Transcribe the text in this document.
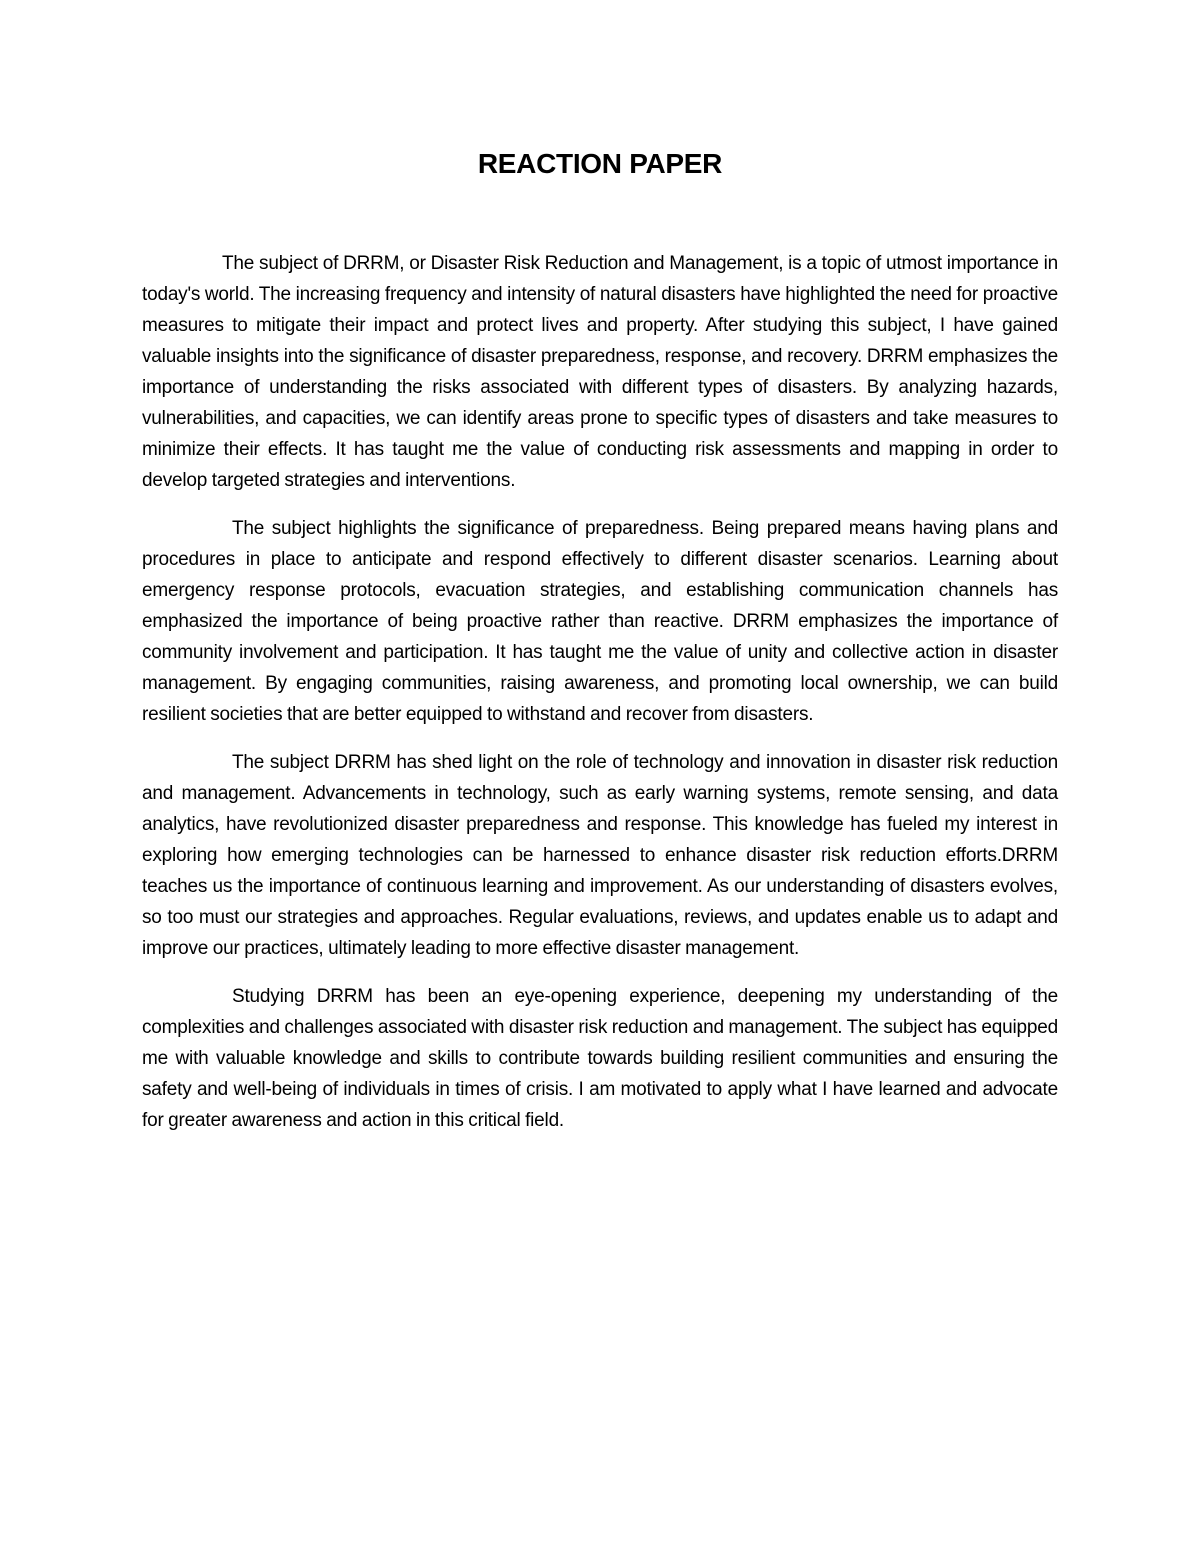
REACTION PAPER

The subject of DRRM, or Disaster Risk Reduction and Management, is a topic of utmost importance in today's world. The increasing frequency and intensity of natural disasters have highlighted the need for proactive measures to mitigate their impact and protect lives and property. After studying this subject, I have gained valuable insights into the significance of disaster preparedness, response, and recovery. DRRM emphasizes the importance of understanding the risks associated with different types of disasters. By analyzing hazards, vulnerabilities, and capacities, we can identify areas prone to specific types of disasters and take measures to minimize their effects. It has taught me the value of conducting risk assessments and mapping in order to develop targeted strategies and interventions.

The subject highlights the significance of preparedness. Being prepared means having plans and procedures in place to anticipate and respond effectively to different disaster scenarios. Learning about emergency response protocols, evacuation strategies, and establishing communication channels has emphasized the importance of being proactive rather than reactive. DRRM emphasizes the importance of community involvement and participation. It has taught me the value of unity and collective action in disaster management. By engaging communities, raising awareness, and promoting local ownership, we can build resilient societies that are better equipped to withstand and recover from disasters.

The subject DRRM has shed light on the role of technology and innovation in disaster risk reduction and management. Advancements in technology, such as early warning systems, remote sensing, and data analytics, have revolutionized disaster preparedness and response. This knowledge has fueled my interest in exploring how emerging technologies can be harnessed to enhance disaster risk reduction efforts.DRRM teaches us the importance of continuous learning and improvement. As our understanding of disasters evolves, so too must our strategies and approaches. Regular evaluations, reviews, and updates enable us to adapt and improve our practices, ultimately leading to more effective disaster management.

Studying DRRM has been an eye-opening experience, deepening my understanding of the complexities and challenges associated with disaster risk reduction and management. The subject has equipped me with valuable knowledge and skills to contribute towards building resilient communities and ensuring the safety and well-being of individuals in times of crisis. I am motivated to apply what I have learned and advocate for greater awareness and action in this critical field.
